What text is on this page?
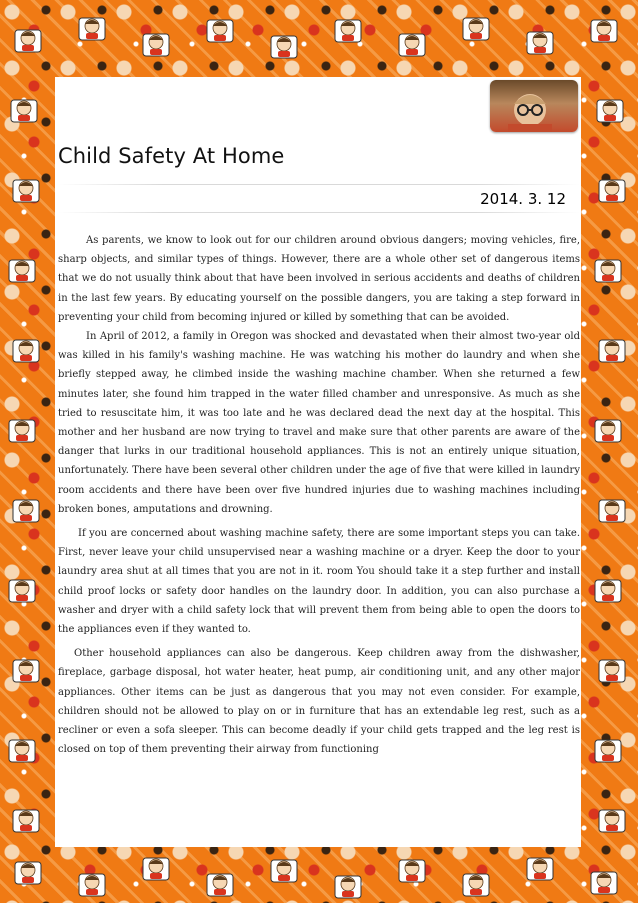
Child Safety At Home
2014. 3. 12

As parents, we know to look out for our children around obvious dangers; moving vehicles, fire, sharp objects, and similar types of things. However, there are a whole other set of dangerous items that we do not usually think about that have been involved in serious accidents and deaths of children in the last few years. By educating yourself on the possible dangers, you are taking a step forward in preventing your child from becoming injured or killed by something that can be avoided.

In April of 2012, a family in Oregon was shocked and devastated when their almost two-year old was killed in his family's washing machine. He was watching his mother do laundry and when she briefly stepped away, he climbed inside the washing machine chamber. When she returned a few minutes later, she found him trapped in the water filled chamber and unresponsive. As much as she tried to resuscitate him, it was too late and he was declared dead the next day at the hospital. This mother and her husband are now trying to travel and make sure that other parents are aware of the danger that lurks in our traditional household appliances. This is not an entirely unique situation, unfortunately. There have been several other children under the age of five that were killed in laundry room accidents and there have been over five hundred injuries due to washing machines including broken bones, amputations and drowning.

If you are concerned about washing machine safety, there are some important steps you can take. First, never leave your child unsupervised near a washing machine or a dryer. Keep the door to your laundry area shut at all times that you are not in it. room You should take it a step further and install child proof locks or safety door handles on the laundry door. In addition, you can also purchase a washer and dryer with a child safety lock that will prevent them from being able to open the doors to the appliances even if they wanted to.

Other household appliances can also be dangerous. Keep children away from the dishwasher, fireplace, garbage disposal, hot water heater, heat pump, air conditioning unit, and any other major appliances. Other items can be just as dangerous that you may not even consider. For example, children should not be allowed to play on or in furniture that has an extendable leg rest, such as a recliner or even a sofa sleeper. This can become deadly if your child gets trapped and the leg rest is closed on top of them preventing their airway from functioning
